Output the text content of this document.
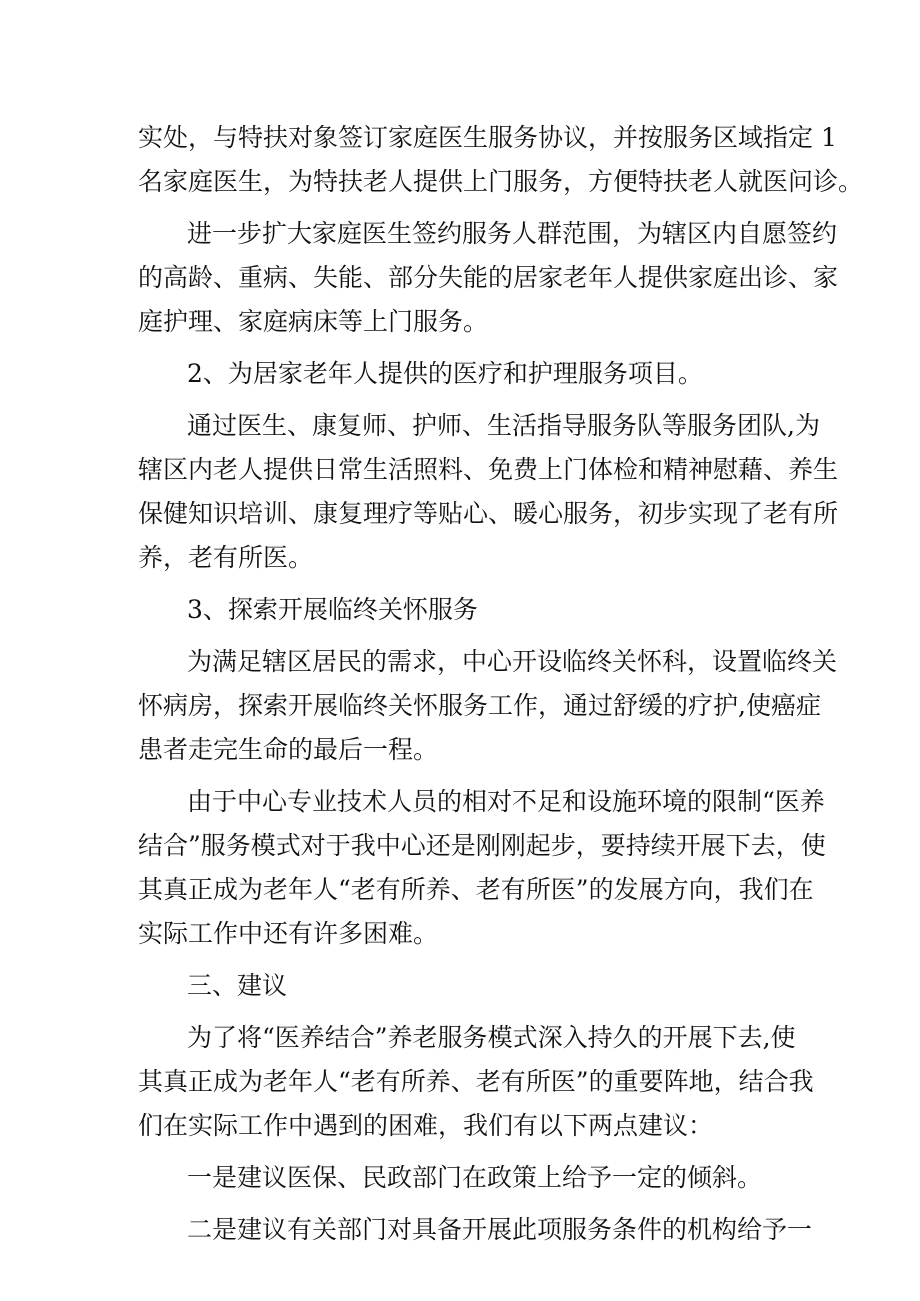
实处，与特扶对象签订家庭医生服务协议，并按服务区域指定 1
名家庭医生，为特扶老人提供上门服务，方便特扶老人就医问诊。
进一步扩大家庭医生签约服务人群范围，为辖区内自愿签约
的高龄、重病、失能、部分失能的居家老年人提供家庭出诊、家
庭护理、家庭病床等上门服务。
2、为居家老年人提供的医疗和护理服务项目。
通过医生、康复师、护师、生活指导服务队等服务团队,为
辖区内老人提供日常生活照料、免费上门体检和精神慰藉、养生
保健知识培训、康复理疗等贴心、暖心服务，初步实现了老有所
养，老有所医。
3、探索开展临终关怀服务
为满足辖区居民的需求，中心开设临终关怀科，设置临终关
怀病房，探索开展临终关怀服务工作，通过舒缓的疗护,使癌症
患者走完生命的最后一程。
由于中心专业技术人员的相对不足和设施环境的限制“医养
结合”服务模式对于我中心还是刚刚起步，要持续开展下去，使
其真正成为老年人“老有所养、老有所医”的发展方向，我们在
实际工作中还有许多困难。
三、建议
为了将“医养结合”养老服务模式深入持久的开展下去,使
其真正成为老年人“老有所养、老有所医”的重要阵地，结合我
们在实际工作中遇到的困难，我们有以下两点建议：
一是建议医保、民政部门在政策上给予一定的倾斜。
二是建议有关部门对具备开展此项服务条件的机构给予一
